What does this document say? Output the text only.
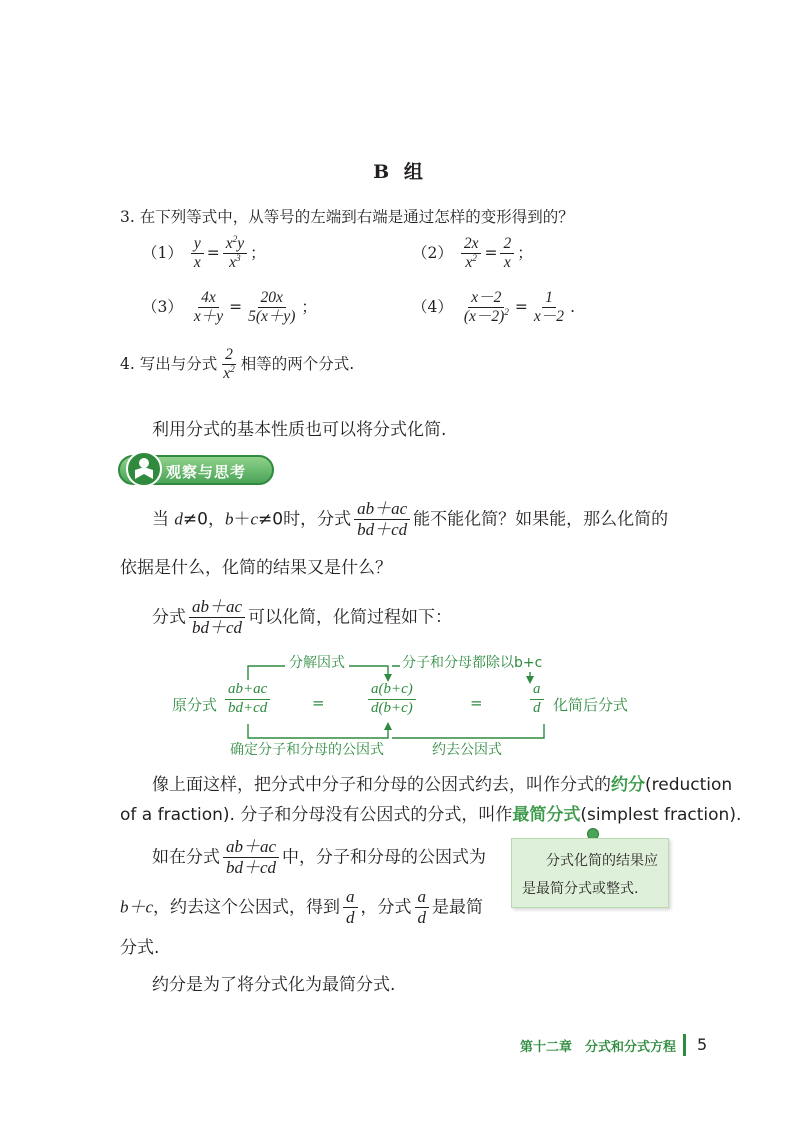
B 组
3. 在下列等式中，从等号的左端到右端是通过怎样的变形得到的？
$(1) \frac{y}{x} = \frac{x^2y}{x^3}$ ；	$(2) \frac{2x}{x^2} = \frac{2}{x}$ ；
$(3) \frac{4x}{x+y} = \frac{20x}{5(x+y)}$ ；	$(4) \frac{x-2}{(x-2)^2} = \frac{1}{x-2}$ .
4. 写出与分式 $\frac{2}{x^2}$ 相等的两个分式.
利用分式的基本性质也可以将分式化简.
观察与思考
当 d≠0，b＋c≠0时，分式 $\frac{ab+ac}{bd+cd}$ 能不能化简？如果能，那么化简的
依据是什么，化简的结果又是什么？
分式 $\frac{ab+ac}{bd+cd}$ 可以化简，化简过程如下：
分解因式	分子和分母都除以b+c
原分式 $\frac{ab+ac}{bd+cd}$	=	$\frac{a(b+c)}{d(b+c)}$	=	$\frac{a}{d}$ 化简后分式
确定分子和分母的公因式	约去公因式
像上面这样，把分式中分子和分母的公因式约去，叫作分式的约分(reduction
of a fraction). 分子和分母没有公因式的分式，叫作最简分式(simplest fraction).
如在分式 $\frac{ab+ac}{bd+cd}$ 中，分子和分母的公因式为
b＋c，约去这个公因式，得到 $\frac{a}{d}$ ，分式 $\frac{a}{d}$ 是最简
分式.
分式化简的结果应
是最简分式或整式.
约分是为了将分式化为最简分式.
第十二章　分式和分式方程 5
